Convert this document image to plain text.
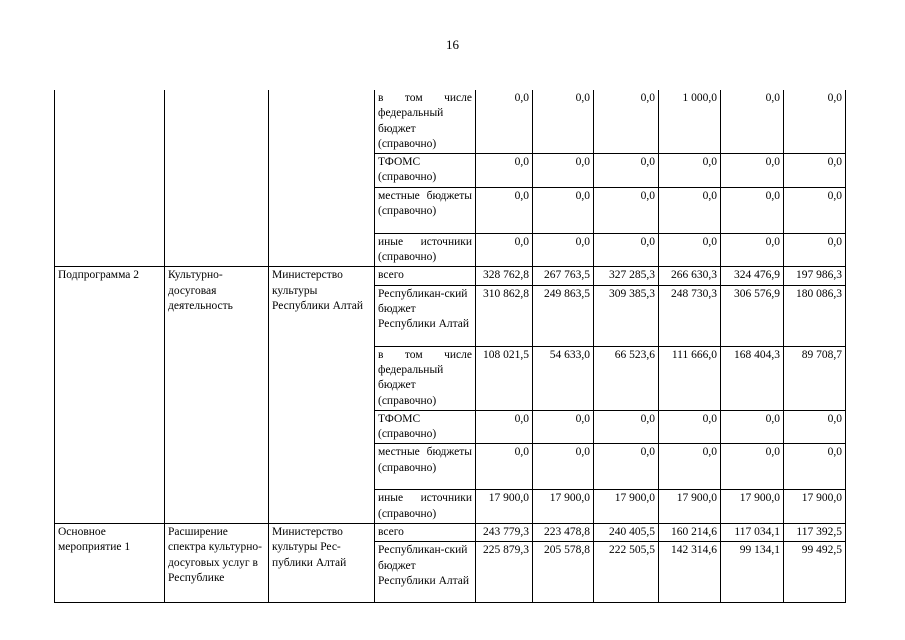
16
			в том числе федеральный бюджет (справочно)	0,0	0,0	0,0	1 000,0	0,0	0,0
			ТФОМС (справочно)	0,0	0,0	0,0	0,0	0,0	0,0
			местные бюджеты (справочно)	0,0	0,0	0,0	0,0	0,0	0,0
			иные источники (справочно)	0,0	0,0	0,0	0,0	0,0	0,0
Подпрограмма 2	Культурно-досуговая деятельность	Министерство культуры Республики Алтай	всего	328 762,8	267 763,5	327 285,3	266 630,3	324 476,9	197 986,3
			Республикан-ский бюджет Республики Алтай	310 862,8	249 863,5	309 385,3	248 730,3	306 576,9	180 086,3
			в том числе федеральный бюджет (справочно)	108 021,5	54 633,0	66 523,6	111 666,0	168 404,3	89 708,7
			ТФОМС (справочно)	0,0	0,0	0,0	0,0	0,0	0,0
			местные бюджеты (справочно)	0,0	0,0	0,0	0,0	0,0	0,0
			иные источники (справочно)	17 900,0	17 900,0	17 900,0	17 900,0	17 900,0	17 900,0
Основное мероприятие 1	Расширение спектра культурно-досуговых услуг в Республике	Министерство культуры Рес-публики Алтай	всего	243 779,3	223 478,8	240 405,5	160 214,6	117 034,1	117 392,5
			Республикан-ский бюджет Республики Алтай	225 879,3	205 578,8	222 505,5	142 314,6	99 134,1	99 492,5
